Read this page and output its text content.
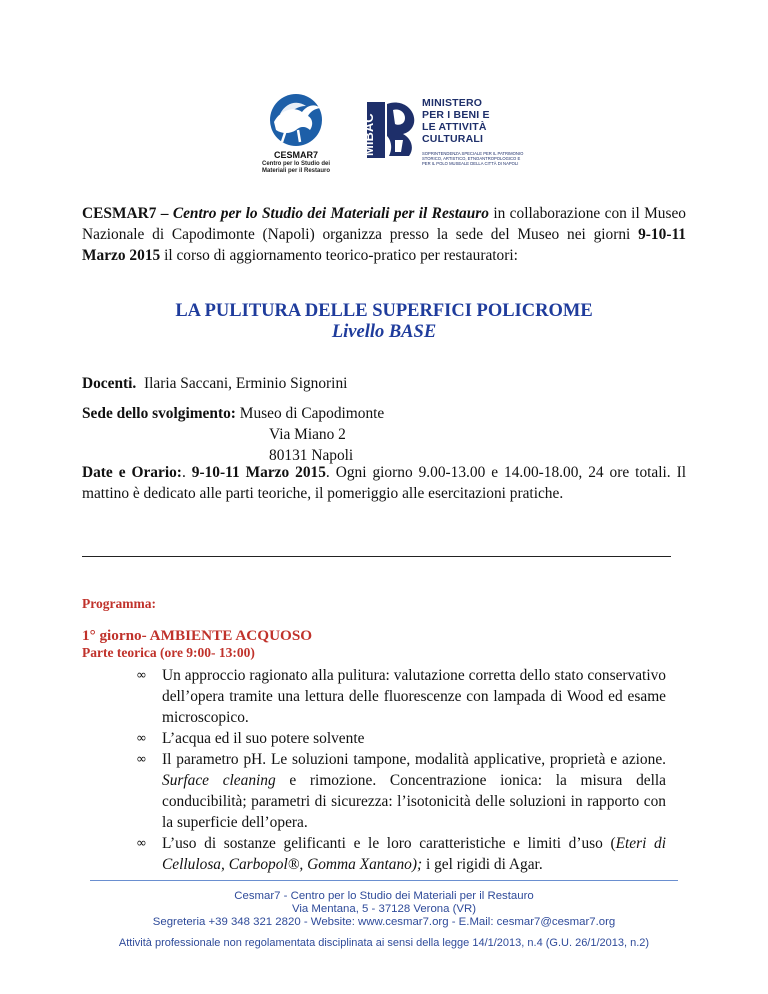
CESMAR7
Centro per lo Studio dei
Materiali per il Restauro
MiBAC
MINISTERO
PER I BENI E
LE ATTIVITÀ
CULTURALI
SOPRINTENDENZA SPECIALE PER IL PATRIMONIO
STORICO, ARTISTICO, ETNOANTROPOLOGICO E
PER IL POLO MUSEALE DELLA CITTÀ DI NAPOLI
CESMAR7 – Centro per lo Studio dei Materiali per il Restauro in collaborazione con il Museo Nazionale di Capodimonte (Napoli) organizza presso la sede del Museo nei giorni 9-10-11 Marzo 2015 il corso di aggiornamento teorico-pratico per restauratori:
LA PULITURA DELLE SUPERFICI POLICROME
Livello BASE
Docenti. Ilaria Saccani, Erminio Signorini
Sede dello svolgimento: Museo di Capodimonte
Via Miano 2
80131 Napoli
Date e Orario:. 9-10-11 Marzo 2015. Ogni giorno 9.00-13.00 e 14.00-18.00, 24 ore totali. Il mattino è dedicato alle parti teoriche, il pomeriggio alle esercitazioni pratiche.
Programma:
1° giorno- AMBIENTE ACQUOSO
Parte teorica (ore 9:00- 13:00)
∞ Un approccio ragionato alla pulitura: valutazione corretta dello stato conservativo dell’opera tramite una lettura delle fluorescenze con lampada di Wood ed esame microscopico.
∞ L’acqua ed il suo potere solvente
∞ Il parametro pH. Le soluzioni tampone, modalità applicative, proprietà e azione. Surface cleaning e rimozione. Concentrazione ionica: la misura della conducibilità; parametri di sicurezza: l’isotonicità delle soluzioni in rapporto con la superficie dell’opera.
∞ L’uso di sostanze gelificanti e le loro caratteristiche e limiti d’uso (Eteri di Cellulosa, Carbopol®, Gomma Xantano); i gel rigidi di Agar.
Cesmar7 - Centro per lo Studio dei Materiali per il Restauro
Via Mentana, 5 - 37128 Verona (VR)
Segreteria +39 348 321 2820 - Website: www.cesmar7.org - E.Mail: cesmar7@cesmar7.org
Attività professionale non regolamentata disciplinata ai sensi della legge 14/1/2013, n.4 (G.U. 26/1/2013, n.2)
